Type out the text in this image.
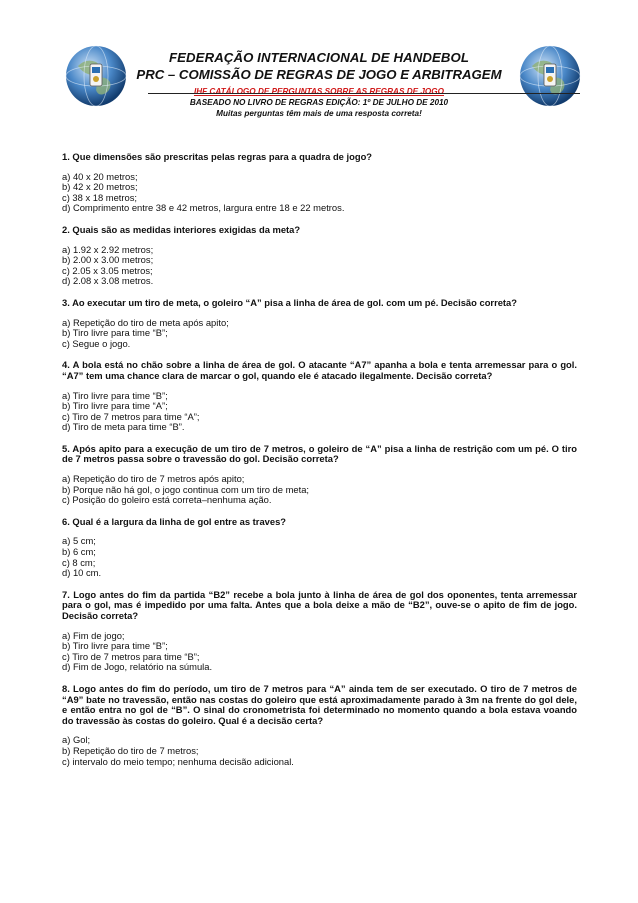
FEDERAÇÃO INTERNACIONAL DE HANDEBOL
PRC – COMISSÃO DE REGRAS DE JOGO E ARBITRAGEM
IHF CATÁLOGO DE PERGUNTAS SOBRE AS REGRAS DE JOGO
BASEADO NO LIVRO DE REGRAS EDIÇÃO: 1º DE JULHO DE 2010
Muitas perguntas têm mais de uma resposta correta!

1. Que dimensões são prescritas pelas regras para a quadra de jogo?

a) 40 x 20 metros;
b) 42 x 20 metros;
c) 38 x 18 metros;
d) Comprimento entre 38 e 42 metros, largura entre 18 e 22 metros.

2. Quais são as medidas interiores exigidas da meta?

a) 1.92 x 2.92 metros;
b) 2.00 x 3.00 metros;
c) 2.05 x 3.05 metros;
d) 2.08 x 3.08 metros.

3. Ao executar um tiro de meta, o goleiro “A” pisa a linha de área de gol. com um pé. Decisão correta?

a) Repetição do tiro de meta após apito;
b) Tiro livre para time “B”;
c) Segue o jogo.

4. A bola está no chão sobre a linha de área de gol. O atacante “A7” apanha a bola e tenta arremessar para o gol. “A7” tem uma chance clara de marcar o gol, quando ele é atacado ilegalmente. Decisão correta?

a) Tiro livre para time “B”;
b) Tiro livre para time “A”;
c) Tiro de 7 metros para time “A”;
d) Tiro de meta para time “B”.

5. Após apito para a execução de um tiro de 7 metros, o goleiro de “A” pisa a linha de restrição com um pé. O tiro de 7 metros passa sobre o travessão do gol. Decisão correta?

a) Repetição do tiro de 7 metros após apito;
b) Porque não há gol, o jogo continua com um tiro de meta;
c) Posição do goleiro está correta–nenhuma ação.

6. Qual é a largura da linha de gol entre as traves?

a) 5 cm;
b) 6 cm;
c) 8 cm;
d) 10 cm.

7. Logo antes do fim da partida “B2” recebe a bola junto à linha de área de gol dos oponentes, tenta arremessar para o gol, mas é impedido por uma falta. Antes que a bola deixe a mão de “B2”, ouve-se o apito de fim de jogo. Decisão correta?

a) Fim de jogo;
b) Tiro livre para time “B”;
c) Tiro de 7 metros para time “B”;
d) Fim de Jogo, relatório na súmula.

8. Logo antes do fim do período, um tiro de 7 metros para “A” ainda tem de ser executado. O tiro de 7 metros de “A9” bate no travessão, então nas costas do goleiro que está aproximadamente parado à 3m na frente do gol dele, e então entra no gol de “B”. O sinal do cronometrista foi determinado no momento quando a bola estava voando do travessão às costas do goleiro. Qual é a decisão certa?

a) Gol;
b) Repetição do tiro de 7 metros;
c) intervalo do meio tempo; nenhuma decisão adicional.
